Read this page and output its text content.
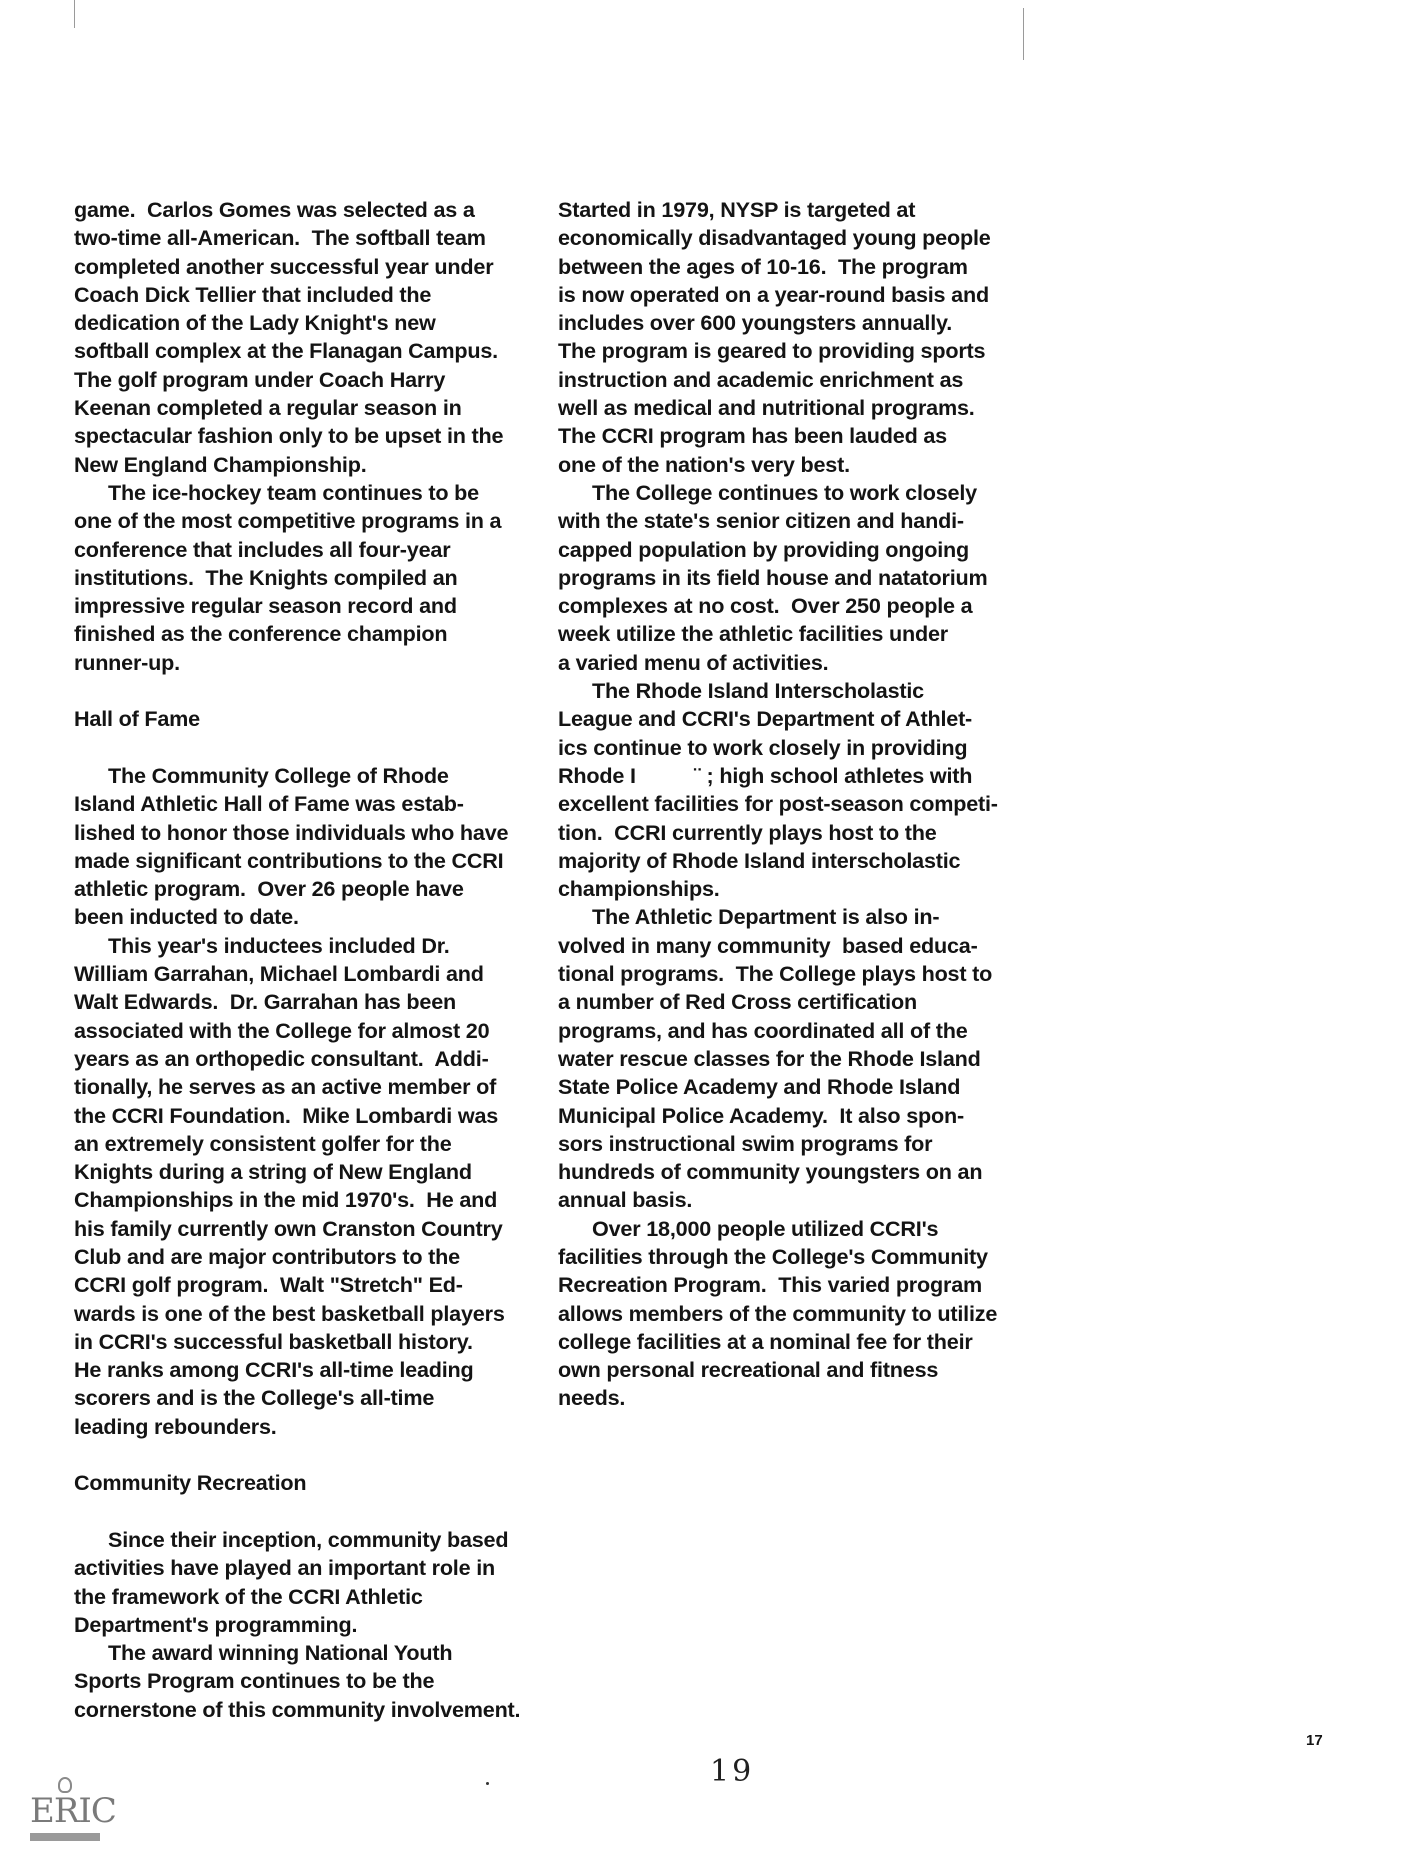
game.  Carlos Gomes was selected as a
two-time all-American.  The softball team
completed another successful year under
Coach Dick Tellier that included the
dedication of the Lady Knight's new
softball complex at the Flanagan Campus.
The golf program under Coach Harry
Keenan completed a regular season in
spectacular fashion only to be upset in the
New England Championship.
The ice-hockey team continues to be
one of the most competitive programs in a
conference that includes all four-year
institutions.  The Knights compiled an
impressive regular season record and
finished as the conference champion
runner-up.
Hall of Fame
The Community College of Rhode
Island Athletic Hall of Fame was estab-
lished to honor those individuals who have
made significant contributions to the CCRI
athletic program.  Over 26 people have
been inducted to date.
This year's inductees included Dr.
William Garrahan, Michael Lombardi and
Walt Edwards.  Dr. Garrahan has been
associated with the College for almost 20
years as an orthopedic consultant.  Addi-
tionally, he serves as an active member of
the CCRI Foundation.  Mike Lombardi was
an extremely consistent golfer for the
Knights during a string of New England
Championships in the mid 1970's.  He and
his family currently own Cranston Country
Club and are major contributors to the
CCRI golf program.  Walt "Stretch" Ed-
wards is one of the best basketball players
in CCRI's successful basketball history.
He ranks among CCRI's all-time leading
scorers and is the College's all-time
leading rebounders.
Community Recreation
Since their inception, community based
activities have played an important role in
the framework of the CCRI Athletic
Department's programming.
The award winning National Youth
Sports Program continues to be the
cornerstone of this community involvement.
Started in 1979, NYSP is targeted at
economically disadvantaged young people
between the ages of 10-16.  The program
is now operated on a year-round basis and
includes over 600 youngsters annually.
The program is geared to providing sports
instruction and academic enrichment as
well as medical and nutritional programs.
The CCRI program has been lauded as
one of the nation's very best.
The College continues to work closely
with the state's senior citizen and handi-
capped population by providing ongoing
programs in its field house and natatorium
complexes at no cost.  Over 250 people a
week utilize the athletic facilities under
a varied menu of activities.
The Rhode Island Interscholastic
League and CCRI's Department of Athlet-
ics continue to work closely in providing
Rhode I          ¨ ; high school athletes with
excellent facilities for post-season competi-
tion.  CCRI currently plays host to the
majority of Rhode Island interscholastic
championships.
The Athletic Department is also in-
volved in many community  based educa-
tional programs.  The College plays host to
a number of Red Cross certification
programs, and has coordinated all of the
water rescue classes for the Rhode Island
State Police Academy and Rhode Island
Municipal Police Academy.  It also spon-
sors instructional swim programs for
hundreds of community youngsters on an
annual basis.
Over 18,000 people utilized CCRI's
facilities through the College's Community
Recreation Program.  This varied program
allows members of the community to utilize
college facilities at a nominal fee for their
own personal recreational and fitness
needs.
17
19
ERIC
